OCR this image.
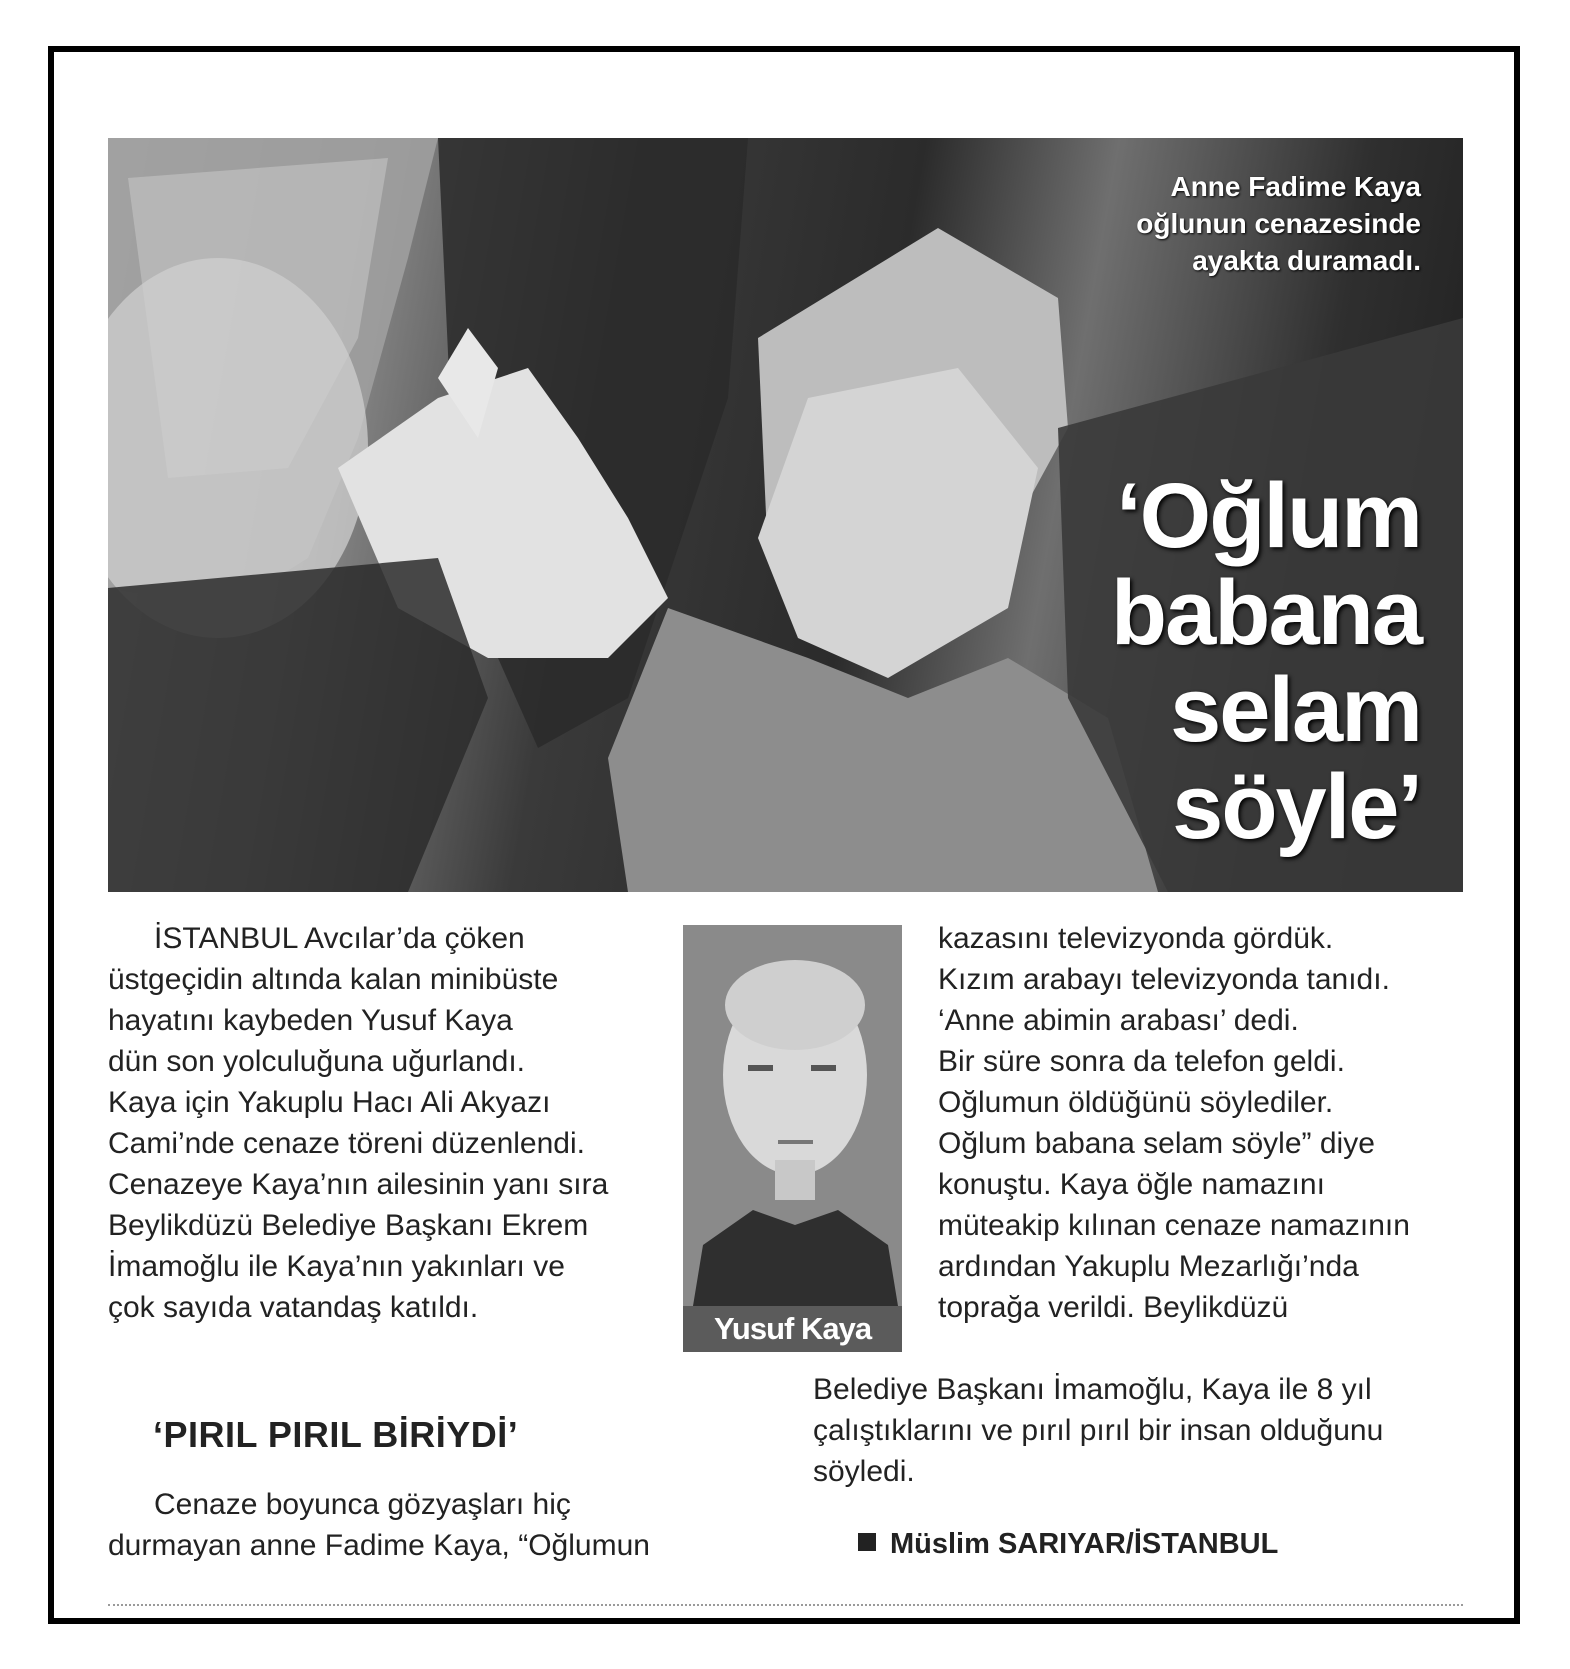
Anne Fadime Kaya
oğlunun cenazesinde
ayakta duramadı.
‘Oğlum
babana
selam
söyle’

İSTANBUL Avcılar’da çöken

üstgeçidin altında kalan minibüste

hayatını kaybeden Yusuf Kaya

dün son yolculuğuna uğurlandı.

Kaya için Yakuplu Hacı Ali Akyazı

Cami’nde cenaze töreni düzenlendi.

Cenazeye Kaya’nın ailesinin yanı sıra

Beylikdüzü Belediye Başkanı Ekrem

İmamoğlu ile Kaya’nın yakınları ve

çok sayıda vatandaş katıldı.

‘PIRIL PIRIL BİRİYDİ’

Cenaze boyunca gözyaşları hiç

durmayan anne Fadime Kaya, “Oğlumun

Yusuf Kaya

kazasını televizyonda gördük.

Kızım arabayı televizyonda tanıdı.

‘Anne abimin arabası’ dedi.

Bir süre sonra da telefon geldi.

Oğlumun öldüğünü söylediler.

Oğlum babana selam söyle” diye

konuştu. Kaya öğle namazını

müteakip kılınan cenaze namazının

ardından Yakuplu Mezarlığı’nda

toprağa verildi. Beylikdüzü

Belediye Başkanı İmamoğlu, Kaya ile 8 yıl

çalıştıklarını ve pırıl pırıl bir insan olduğunu

söyledi.

Müslim SARIYAR/İSTANBUL
